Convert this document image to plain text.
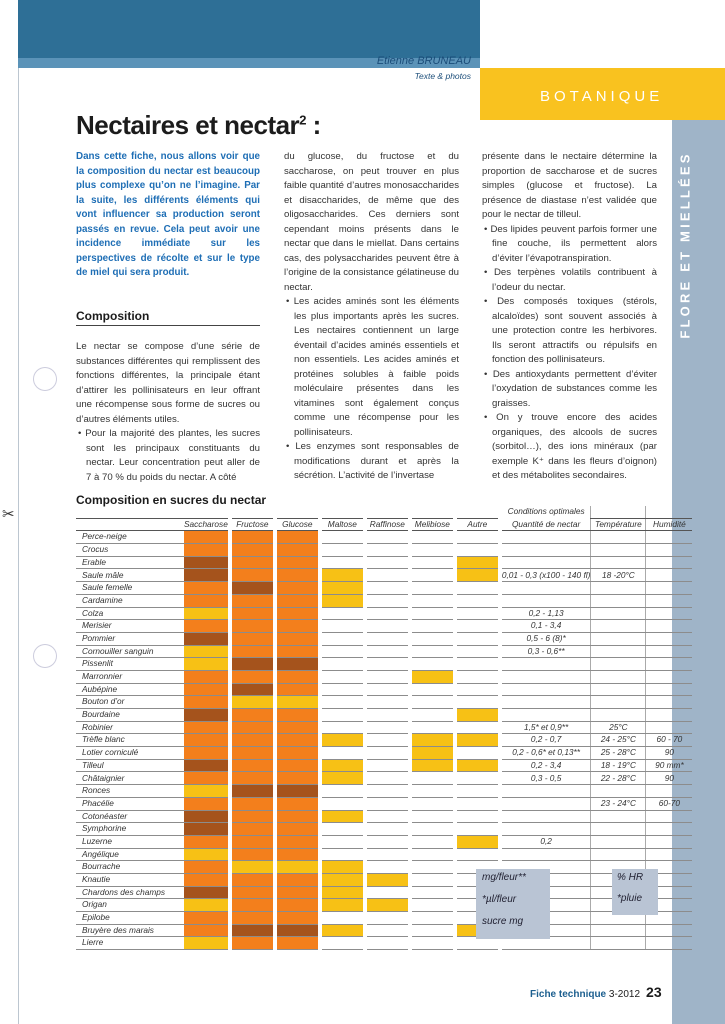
FLORE ET MIELLÉES
BOTANIQUE
Etienne BRUNEAU
Texte & photos
✂
Nectaires et nectar$^2$ :
Dans cette fiche, nous allons voir que la composition du nectar est beaucoup plus complexe qu’on ne l’imagine. Par la suite, les différents éléments qui vont influencer sa production seront passés en revue. Cela peut avoir une incidence immédiate sur les perspectives de récolte et sur le type de miel qui sera produit.
Composition

Le nectar se compose d’une série de substances différentes qui remplissent des fonctions différentes, la principale étant d’attirer les pollinisateurs en leur offrant une récompense sous forme de sucres ou d’autres éléments utiles.

• Pour la majorité des plantes, les sucres sont les principaux constituants du nectar. Leur concentration peut aller de 7 à 70 % du poids du nectar. A côté

du glucose, du fructose et du saccharose, on peut trouver en plus faible quantité d’autres monosaccharides et disaccharides, de même que des oligosaccharides. Ces derniers sont cependant moins présents dans le nectar que dans le miellat. Dans certains cas, des polysaccharides peuvent être à l’origine de la consistance gélatineuse du nectar.

• Les acides aminés sont les éléments les plus importants après les sucres. Les nectaires contiennent un large éventail d’acides aminés essentiels et non essentiels. Les acides aminés et protéines solubles à faible poids moléculaire présentes dans les vitamines sont également conçus comme une récompense pour les pollinisateurs.

• Les enzymes sont responsables de modifications durant et après la sécrétion. L’activité de l’invertase

présente dans le nectaire détermine la proportion de saccharose et de sucres simples (glucose et fructose). La présence de diastase n’est validée que pour le nectar de tilleul.

• Des lipides peuvent parfois former une fine couche, ils permettent alors d’éviter l’évapotranspiration.

• Des terpènes volatils contribuent à l’odeur du nectar.

• Des composés toxiques (stérols, alcaloïdes) sont souvent associés à une protection contre les herbivores. Ils seront attractifs ou répulsifs en fonction des pollinisateurs.

• Des antioxydants permettent d’éviter l’oxydation de substances comme les graisses.

• On y trouve encore des acides organiques, des alcools de sucres (sorbitol…), des ions minéraux (par exemple K⁺ dans les fleurs d’oignon) et des métabolites secondaires.

Composition en sucres du nectar
								Conditions optimales		
	Saccharose	Fructose	Glucose	Maltose	Raffinose	Melibiose	Autre	Quantité de nectar	Température	Humidité
Perce-neige										
Crocus										
Erable										
Saule mâle								0,01 - 0,3 (x100 - 140 fl)	18 -20°C	
Saule femelle										
Cardamine										
Colza								0,2 - 1,13		
Merisier								0,1 - 3,4		
Pommier								0,5 - 6 (8)*		
Cornouiller sanguin								0,3 - 0,6**		
Pissenlit										
Marronnier										
Aubépine										
Bouton d’or										
Bourdaine										
Robinier								1,5* et 0,9**	25°C	
Trèfle blanc								0,2 - 0,7	24 - 25°C	60 - 70
Lotier corniculé								0,2 - 0,6* et 0,13**	25 - 28°C	90
Tilleul								0,2 - 3,4	18 - 19°C	90 mm*
Châtaignier								0,3 - 0,5	22 - 28°C	90
Ronces										
Phacélie									23 - 24°C	60-70
Cotonéaster										
Symphorine										
Luzerne								0,2		
Angélique										
Bourrache										
Knautie										
Chardons des champs										
Origan										
Epilobe										
Bruyère des marais										
Lierre										
mg/fleur**
*µl/fleur
sucre mg
% HR
*pluie
Fiche technique 3-2012 23
